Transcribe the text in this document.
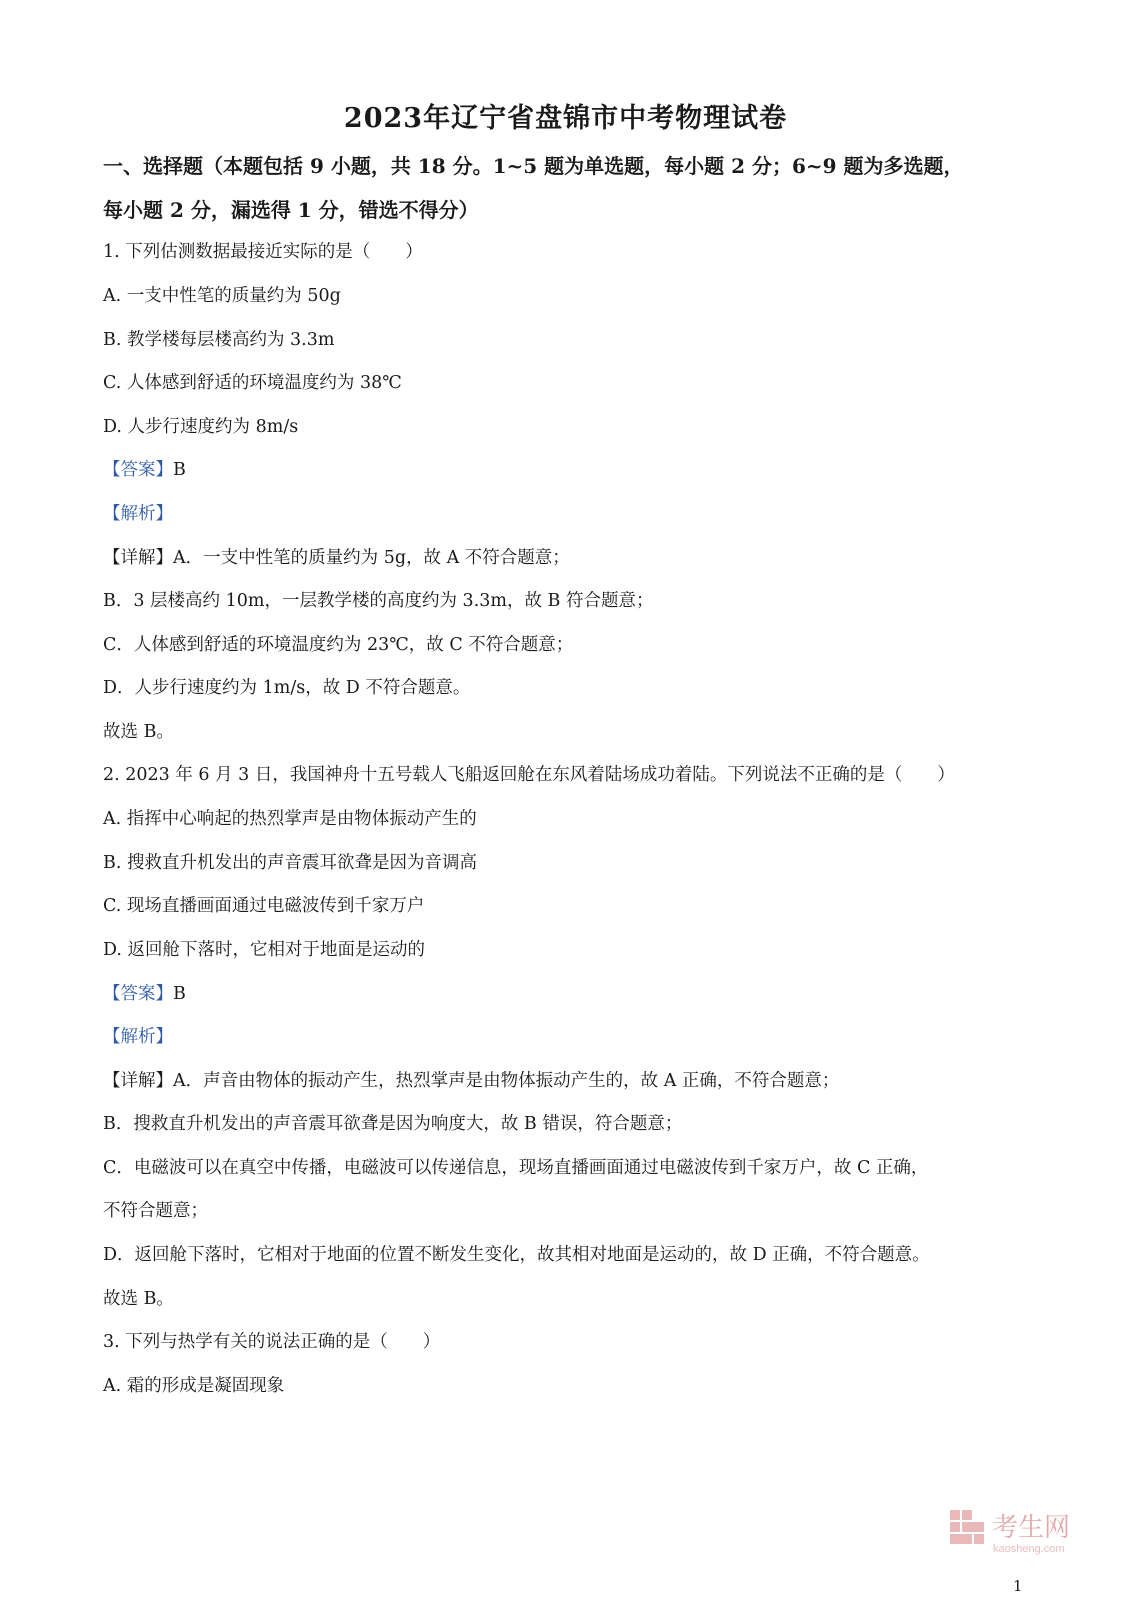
2023年辽宁省盘锦市中考物理试卷
一、选择题（本题包括 9 小题，共 18 分。1~5 题为单选题，每小题 2 分；6~9 题为多选题，
每小题 2 分，漏选得 1 分，错选不得分）
1. 下列估测数据最接近实际的是（　　）
A. 一支中性笔的质量约为 50g
B. 教学楼每层楼高约为 3.3m
C. 人体感到舒适的环境温度约为 38℃
D. 人步行速度约为 8m/s
【答案】B
【解析】
【详解】A．一支中性笔的质量约为 5g，故 A 不符合题意；
B．3 层楼高约 10m，一层教学楼的高度约为 3.3m，故 B 符合题意；
C．人体感到舒适的环境温度约为 23℃，故 C 不符合题意；
D．人步行速度约为 1m/s，故 D 不符合题意。
故选 B。
2. 2023 年 6 月 3 日，我国神舟十五号载人飞船返回舱在东风着陆场成功着陆。下列说法不正确的是（　　）
A. 指挥中心响起的热烈掌声是由物体振动产生的
B. 搜救直升机发出的声音震耳欲聋是因为音调高
C. 现场直播画面通过电磁波传到千家万户
D. 返回舱下落时，它相对于地面是运动的
【答案】B
【解析】
【详解】A．声音由物体的振动产生，热烈掌声是由物体振动产生的，故 A 正确，不符合题意；
B．搜救直升机发出的声音震耳欲聋是因为响度大，故 B 错误，符合题意；
C．电磁波可以在真空中传播，电磁波可以传递信息，现场直播画面通过电磁波传到千家万户，故 C 正确，
不符合题意；
D．返回舱下落时，它相对于地面的位置不断发生变化，故其相对地面是运动的，故 D 正确，不符合题意。
故选 B。
3. 下列与热学有关的说法正确的是（　　）
A. 霜的形成是凝固现象
考生网
kaosheng.com
1
